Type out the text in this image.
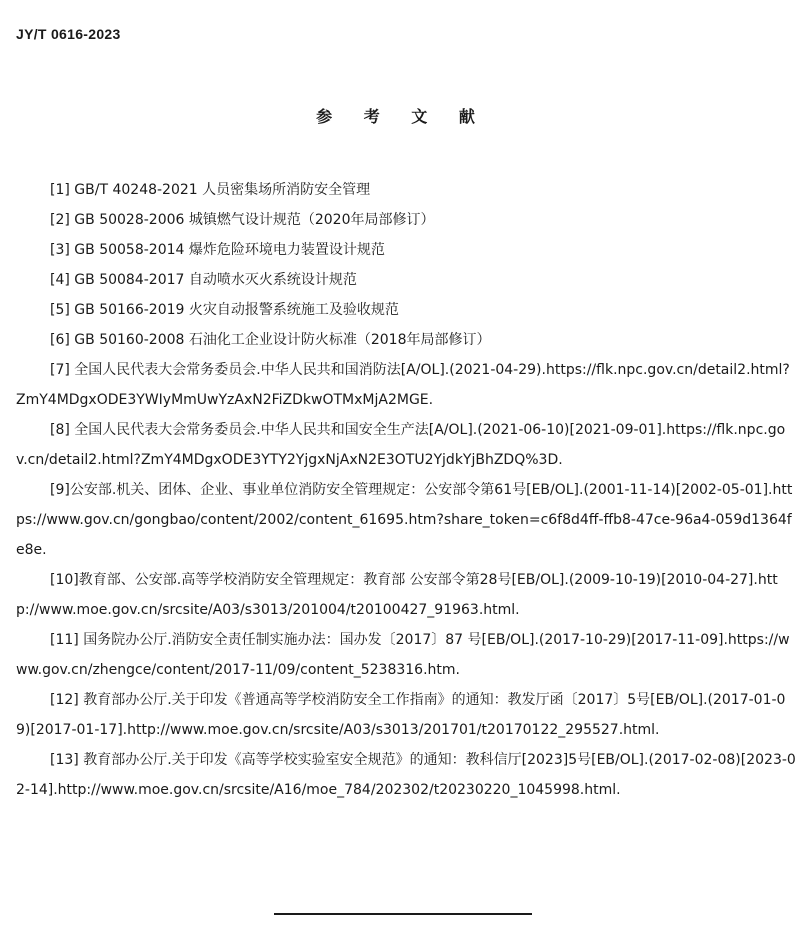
JY/T 0616-2023
参 考 文 献

[1] GB/T 40248-2021 人员密集场所消防安全管理

[2] GB 50028-2006 城镇燃气设计规范（2020年局部修订）

[3] GB 50058-2014 爆炸危险环境电力装置设计规范

[4] GB 50084-2017 自动喷水灭火系统设计规范

[5] GB 50166-2019 火灾自动报警系统施工及验收规范

[6] GB 50160-2008 石油化工企业设计防火标准（2018年局部修订）

[7] 全国人民代表大会常务委员会.中华人民共和国消防法[A/OL].(2021-04-29).https://flk.npc.gov.cn/detail2.html?ZmY4MDgxODE3YWIyMmUwYzAxN2FiZDkwOTMxMjA2MGE.

[8] 全国人民代表大会常务委员会.中华人民共和国安全生产法[A/OL].(2021-06-10)[2021-09-01].https://flk.npc.gov.cn/detail2.html?ZmY4MDgxODE3YTY2YjgxNjAxN2E3OTU2YjdkYjBhZDQ%3D.

[9]公安部.机关、团体、企业、事业单位消防安全管理规定：公安部令第61号[EB/OL].(2001-11-14)[2002-05-01].https://www.gov.cn/gongbao/content/2002/content_61695.htm?share_token=c6f8d4ff-ffb8-47ce-96a4-059d1364fe8e.

[10]教育部、公安部.高等学校消防安全管理规定：教育部 公安部令第28号[EB/OL].(2009-10-19)[2010-04-27].http://www.moe.gov.cn/srcsite/A03/s3013/201004/t20100427_91963.html.

[11] 国务院办公厅.消防安全责任制实施办法：国办发〔2017〕87 号[EB/OL].(2017-10-29)[2017-11-09].https://www.gov.cn/zhengce/content/2017-11/09/content_5238316.htm.

[12] 教育部办公厅.关于印发《普通高等学校消防安全工作指南》的通知：教发厅函〔2017〕5号[EB/OL].(2017-01-09)[2017-01-17].http://www.moe.gov.cn/srcsite/A03/s3013/201701/t20170122_295527.html.

[13] 教育部办公厅.关于印发《高等学校实验室安全规范》的通知：教科信厅[2023]5号[EB/OL].(2017-02-08)[2023-02-14].http://www.moe.gov.cn/srcsite/A16/moe_784/202302/t20230220_1045998.html.
